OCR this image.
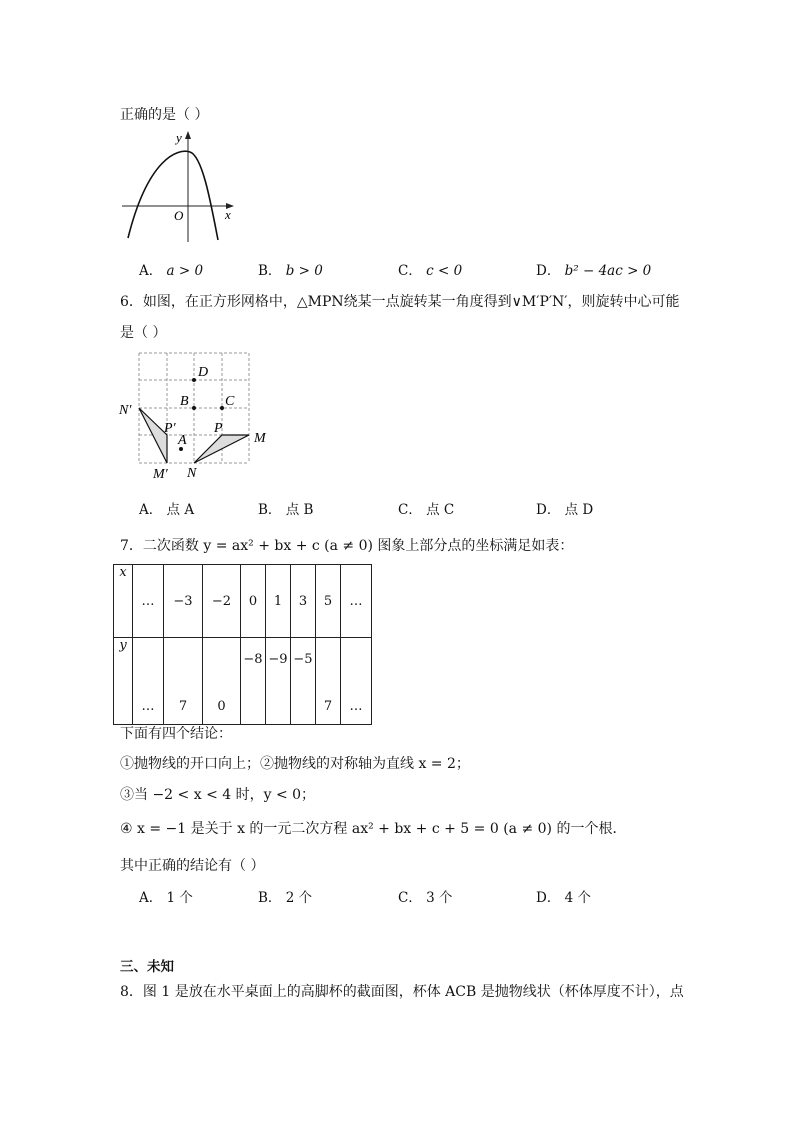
正确的是（ ）
y
x
O
A． a > 0	B． b > 0	C． c < 0	D． b² − 4ac > 0
6．如图，在正方形网格中，△MPN绕某一点旋转某一角度得到∨M′P′N′，则旋转中心可能
是（ ）
D
B	C
A
N′
P′
M′
P
M
N
A． 点 A	B． 点 B	C． 点 C	D． 点 D
7．二次函数 y = ax² + bx + c (a ≠ 0) 图象上部分点的坐标满足如表：
x	…	−3	−2	0	1	3	5	…
y	…	7	0	−8	−9	−5	7	…
下面有四个结论：
①抛物线的开口向上；②抛物线的对称轴为直线 x = 2；
③当 −2 < x < 4 时，y < 0；
④ x = −1 是关于 x 的一元二次方程 ax² + bx + c + 5 = 0 (a ≠ 0) 的一个根．
其中正确的结论有（ ）
A． 1 个	B． 2 个	C． 3 个	D． 4 个
三、未知
8．图 1 是放在水平桌面上的高脚杯的截面图，杯体 ACB 是抛物线状（杯体厚度不计），点
